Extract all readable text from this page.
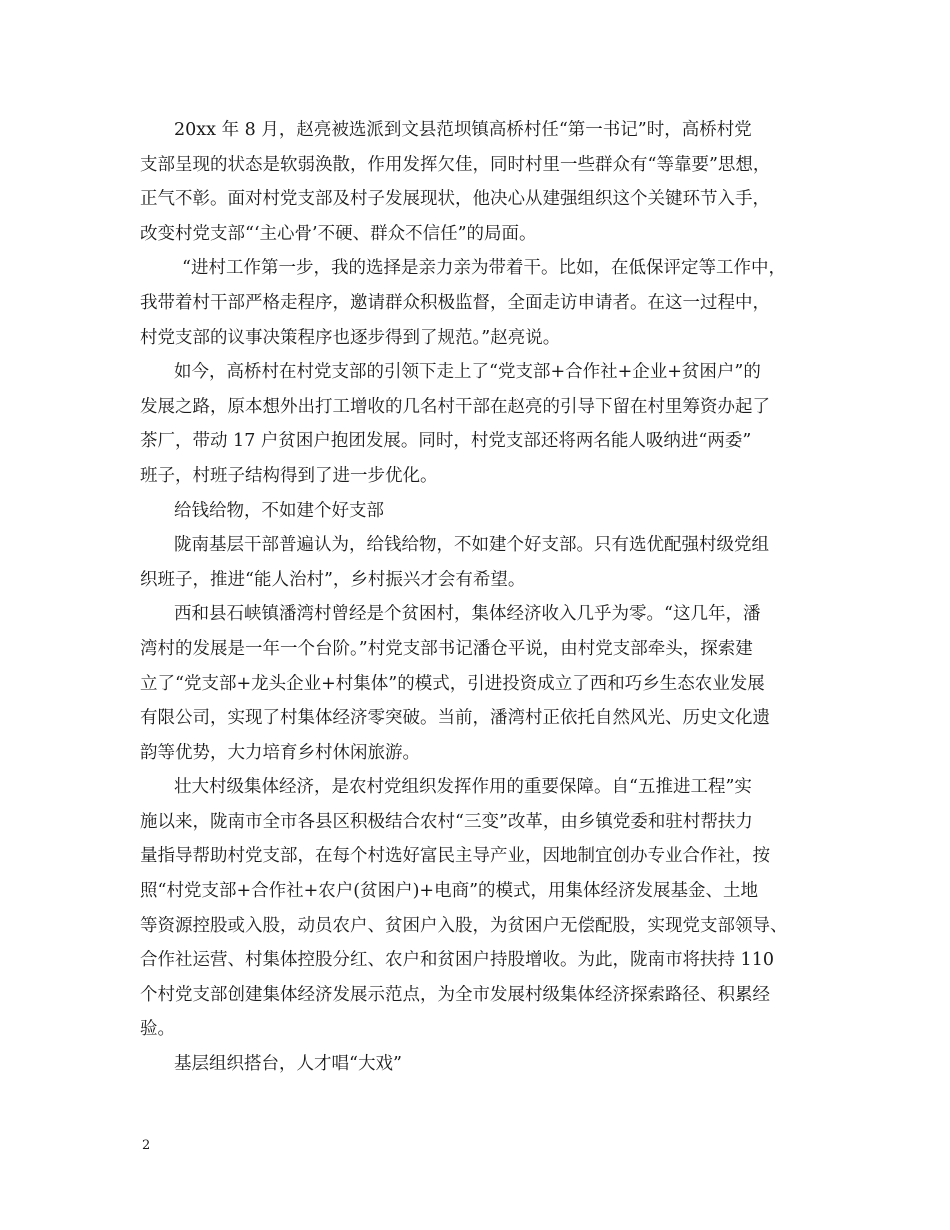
20xx 年 8 月，赵亮被选派到文县范坝镇高桥村任“第一书记”时，高桥村党
支部呈现的状态是软弱涣散，作用发挥欠佳，同时村里一些群众有“等靠要”思想，
正气不彰。面对村党支部及村子发展现状，他决心从建强组织这个关键环节入手，
改变村党支部“‘主心骨’不硬、群众不信任”的局面。

“进村工作第一步，我的选择是亲力亲为带着干。比如，在低保评定等工作中，
我带着村干部严格走程序，邀请群众积极监督，全面走访申请者。在这一过程中，
村党支部的议事决策程序也逐步得到了规范。”赵亮说。

如今，高桥村在村党支部的引领下走上了“党支部+合作社+企业+贫困户”的
发展之路，原本想外出打工增收的几名村干部在赵亮的引导下留在村里筹资办起了
茶厂，带动 17 户贫困户抱团发展。同时，村党支部还将两名能人吸纳进“两委”
班子，村班子结构得到了进一步优化。

给钱给物，不如建个好支部

陇南基层干部普遍认为，给钱给物，不如建个好支部。只有选优配强村级党组
织班子，推进“能人治村”，乡村振兴才会有希望。

西和县石峡镇潘湾村曾经是个贫困村，集体经济收入几乎为零。“这几年，潘
湾村的发展是一年一个台阶。”村党支部书记潘仓平说，由村党支部牵头，探索建
立了“党支部+龙头企业+村集体”的模式，引进投资成立了西和巧乡生态农业发展
有限公司，实现了村集体经济零突破。当前，潘湾村正依托自然风光、历史文化遗
韵等优势，大力培育乡村休闲旅游。

壮大村级集体经济，是农村党组织发挥作用的重要保障。自“五推进工程”实
施以来，陇南市全市各县区积极结合农村“三变”改革，由乡镇党委和驻村帮扶力
量指导帮助村党支部，在每个村选好富民主导产业，因地制宜创办专业合作社，按
照“村党支部+合作社+农户(贫困户)+电商”的模式，用集体经济发展基金、土地
等资源控股或入股，动员农户、贫困户入股，为贫困户无偿配股，实现党支部领导、
合作社运营、村集体控股分红、农户和贫困户持股增收。为此，陇南市将扶持 110
个村党支部创建集体经济发展示范点，为全市发展村级集体经济探索路径、积累经
验。

基层组织搭台，人才唱“大戏”

2
